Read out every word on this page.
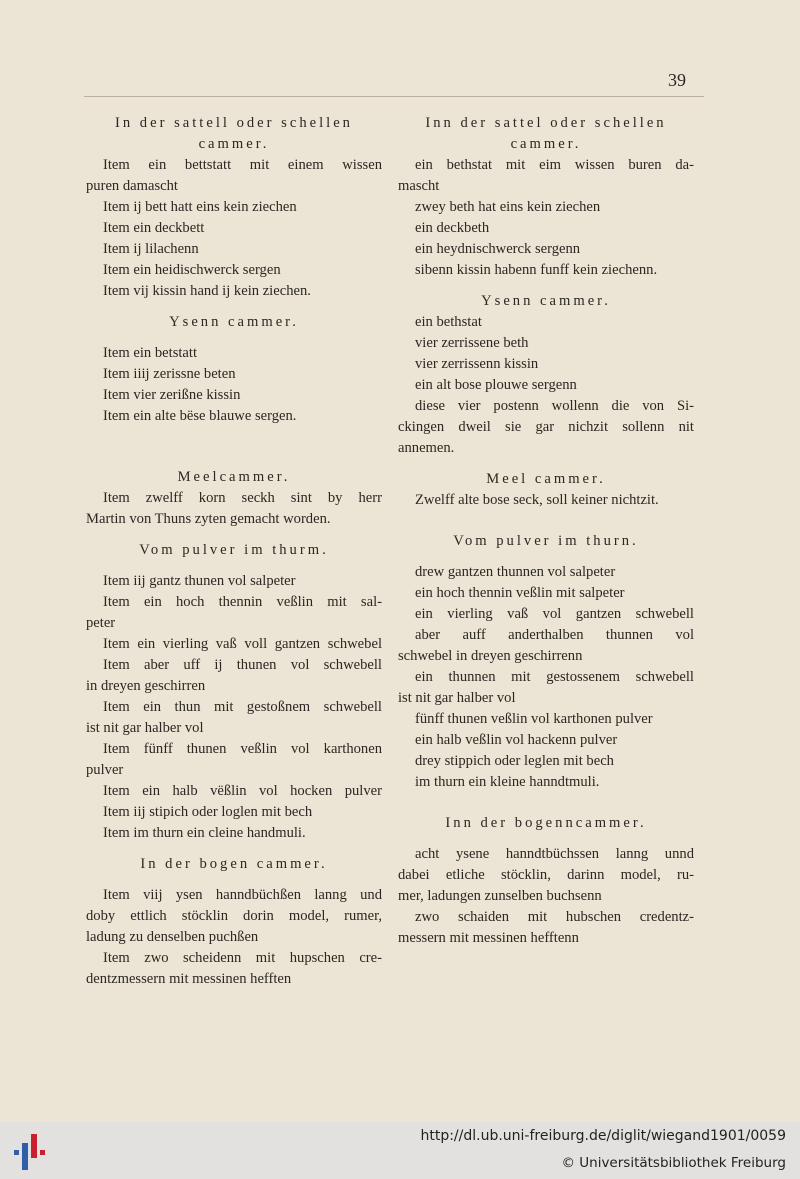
39
In der sattell oder schellen
cammer.
Item ein bettstatt mit einem wissen
puren damascht
Item ij bett hatt eins kein ziechen
Item ein deckbett
Item ij lilachenn
Item ein heidischwerck sergen
Item vij kissin hand ij kein ziechen.
Ysenn cammer.
Item ein betstatt
Item iiij zerissne beten
Item vier zerißne kissin
Item ein alte bëse blauwe sergen.
Meelcammer.
Item zwelff korn seckh sint by herr
Martin von Thuns zyten gemacht worden.
Vom pulver im thurm.
Item iij gantz thunen vol salpeter
Item ein hoch thennin veßlin mit sal-
peter
Item ein vierling vaß voll gantzen schwebel
Item aber uff ij thunen vol schwebell
in dreyen geschirren
Item ein thun mit gestoßnem schwebell
ist nit gar halber vol
Item fünff thunen veßlin vol karthonen
pulver
Item ein halb vëßlin vol hocken pulver
Item iij stipich oder loglen mit bech
Item im thurn ein cleine handmuli.
In der bogen cammer.
Item viij ysen hanndbüchßen lanng und
doby ettlich stöcklin dorin model, rumer,
ladung zu denselben puchßen
Item zwo scheidenn mit hupschen cre-
dentzmessern mit messinen hefften
Inn der sattel oder schellen
cammer.
ein bethstat mit eim wissen buren da-
mascht
zwey beth hat eins kein ziechen
ein deckbeth
ein heydnischwerck sergenn
sibenn kissin habenn funff kein ziechenn.
Ysenn cammer.
ein bethstat
vier zerrissene beth
vier zerrissenn kissin
ein alt bose plouwe sergenn
diese vier postenn wollenn die von Si-
ckingen dweil sie gar nichzit sollenn nit
annemen.
Meel cammer.
Zwelff alte bose seck, soll keiner nichtzit.
Vom pulver im thurn.
drew gantzen thunnen vol salpeter
ein hoch thennin veßlin mit salpeter
ein vierling vaß vol gantzen schwebell
aber auff anderthalben thunnen vol
schwebel in dreyen geschirrenn
ein thunnen mit gestossenem schwebell
ist nit gar halber vol
fünff thunen veßlin vol karthonen pulver
ein halb veßlin vol hackenn pulver
drey stippich oder leglen mit bech
im thurn ein kleine hanndtmuli.
Inn der bogenncammer.
acht ysene hanndtbüchssen lanng unnd
dabei etliche stöcklin, darinn model, ru-
mer, ladungen zunselben buchsenn
zwo schaiden mit hubschen credentz-
messern mit messinen hefftenn
http://dl.ub.uni-freiburg.de/diglit/wiegand1901/0059
© Universitätsbibliothek Freiburg
